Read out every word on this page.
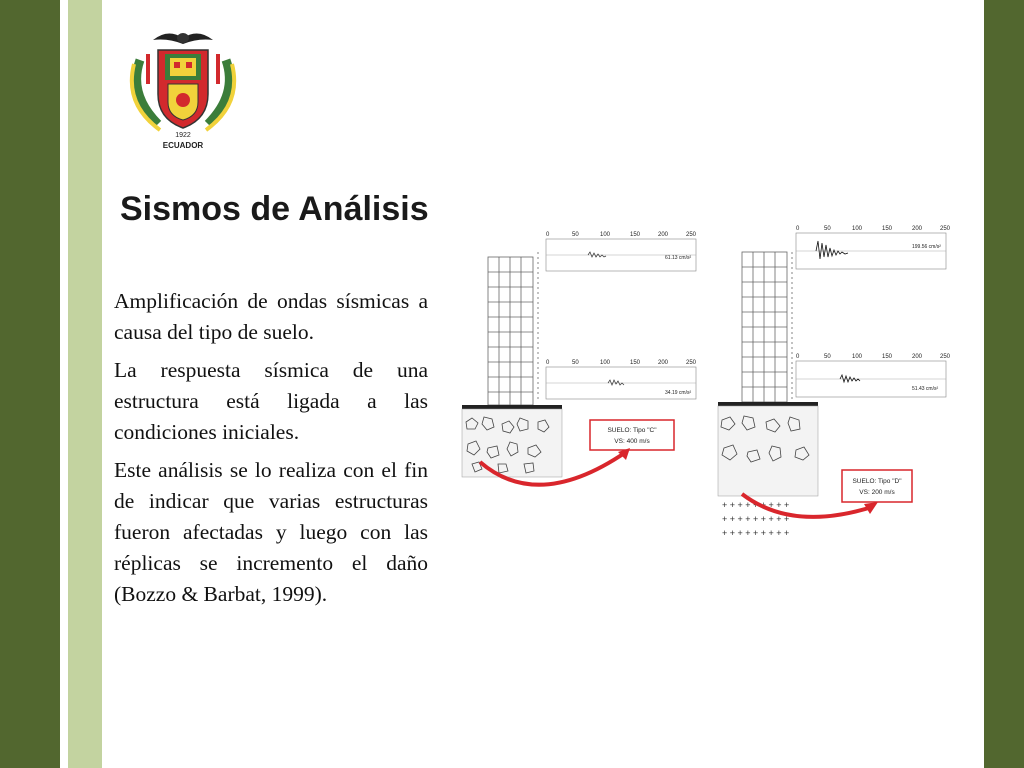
1922
ECUADOR
Sismos de Análisis

Amplificación de ondas sísmicas a causa del tipo de suelo.

La respuesta sísmica de una estructura está ligada a las condiciones iniciales.

Este análisis se lo realiza con el fin de indicar que varias estructuras fueron afectadas y luego con las réplicas se incremento el daño (Bozzo & Barbat, 1999).

0	50	100	150	200	250
0	50	100	150	200	250
61.13 cm/s²
34.19 cm/s²
SUELO: Tipo "C"
VS: 400 m/s
+ + + + + + + + +
+ + + + + + + + +
+ + + + + + + + +
0	50	100	150	200	250
0	50	100	150	200	250
199.56 cm/s²
51.43 cm/s²
SUELO: Tipo "D"
VS: 200 m/s
